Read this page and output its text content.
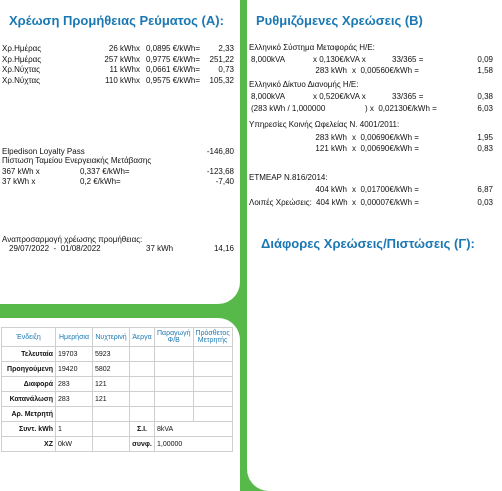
Χρέωση Προμήθειας Ρεύματος (Α):
Χρ.Ημέρας	26 kWhx 0,0895 €/kWh=	2,33
Χρ.Ημέρας	257 kWhx 0,9775 €/kWh=	251,22
Χρ.Νύχτας	11 kWhx 0,0661 €/kWh=	0,73
Χρ.Νύχτας	110 kWhx 0,9575 €/kWh=	105,32
Elpedison Loyalty Pass	-146,80
Πίστωση Ταμείου Ενεργειακής Μετάβασης
367 kWh x	0,337 €/kWh=	-123,68
37 kWh x	0,2 €/kWh=	-7,40
Αναπροσαρμογή χρέωσης προμήθειας:
29/07/2022  -  01/08/2022	37 kWh	14,16
Ρυθμιζόμενες Χρεώσεις (Β)
Ελληνικό Σύστημα Μεταφοράς Η/Ε:
8,000kVA	x 0,130€/kVA x	33/365 =	0,09
283 kWh x  0,00560€/kWh =	1,58
Ελληνικό Δίκτυο Διανομής Η/Ε:
8,000kVA	x 0,520€/kVA x	33/365 =	0,38
(283 kWh / 1,000000	) x  0,02130€/kWh =	6,03
Υπηρεσίες Κοινής Ωφελείας Ν. 4001/2011:
283 kWh x  0,00690€/kWh =	1,95
121 kWh x  0,00690€/kWh =	0,83
ΕΤΜΕΑΡ Ν.816/2014:
404 kWh x  0,01700€/kWh =	6,87
Λοιπές Χρεώσεις: 404 kWh x  0,00007€/kWh =	0,03
Διάφορες Χρεώσεις/Πιστώσεις (Γ):
Ένδειξη	Ημερήσια	Νυχτερινή	Άεργα	Παραγωγή Φ/Β	Πρόσθετος Μετρητής
Τελευταία	19703	5923			
Προηγούμενη	19420	5802			
Διαφορά	283	121			
Κατανάλωση	283	121			
Αρ. Μετρητή					
Συντ. kWh	1		Σ.Ι.	8kVA	
ΧΖ	0kW		συνφ.	1,00000	
